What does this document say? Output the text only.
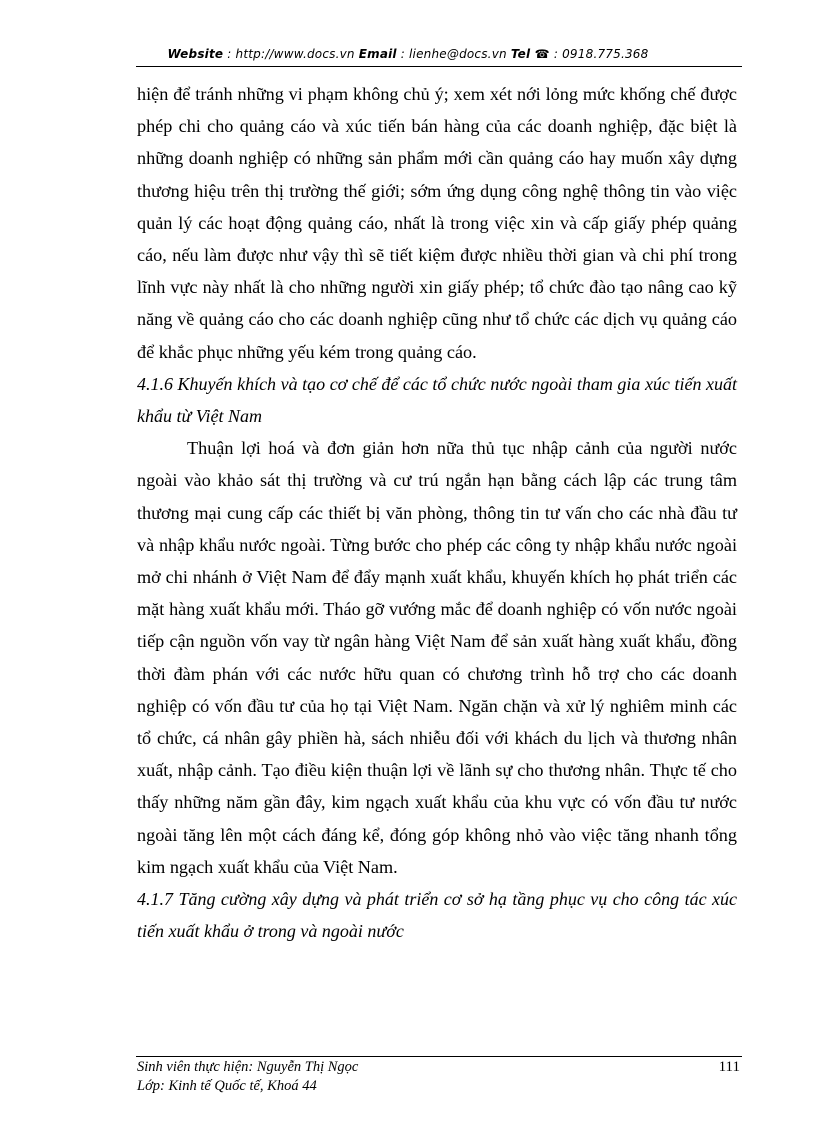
Website : http://www.docs.vn Email : lienhe@docs.vn Tel ☎ : 0918.775.368

hiện để tránh những vi phạm không chủ ý; xem xét nới lỏng mức khống chế được phép chi cho quảng cáo và xúc tiến bán hàng của các doanh nghiệp, đặc biệt là những doanh nghiệp có những sản phẩm mới cần quảng cáo hay muốn xây dựng thương hiệu trên thị trường thế giới; sớm ứng dụng công nghệ thông tin vào việc quản lý các hoạt động quảng cáo, nhất là trong việc xin và cấp giấy phép quảng cáo, nếu làm được như vậy thì sẽ tiết kiệm được nhiều thời gian và chi phí trong lĩnh vực này nhất là cho những người xin giấy phép; tổ chức đào tạo nâng cao kỹ năng về quảng cáo cho các doanh nghiệp cũng như tổ chức các dịch vụ quảng cáo để khắc phục những yếu kém trong quảng cáo.

4.1.6 Khuyến khích và tạo cơ chế để các tổ chức nước ngoài tham gia xúc tiến xuất khẩu từ Việt Nam

Thuận lợi hoá và đơn giản hơn nữa thủ tục nhập cảnh của người nước ngoài vào khảo sát thị trường và cư trú ngắn hạn bằng cách lập các trung tâm thương mại cung cấp các thiết bị văn phòng, thông tin tư vấn cho các nhà đầu tư và nhập khẩu nước ngoài. Từng bước cho phép các công ty nhập khẩu nước ngoài mở chi nhánh ở Việt Nam để đẩy mạnh xuất khẩu, khuyến khích họ phát triển các mặt hàng xuất khẩu mới. Tháo gỡ vướng mắc để doanh nghiệp có vốn nước ngoài tiếp cận nguồn vốn vay từ ngân hàng Việt Nam để sản xuất hàng xuất khẩu, đồng thời đàm phán với các nước hữu quan có chương trình hỗ trợ cho các doanh nghiệp có vốn đầu tư của họ tại Việt Nam. Ngăn chặn và xử lý nghiêm minh các tổ chức, cá nhân gây phiền hà, sách nhiễu đối với khách du lịch và thương nhân xuất, nhập cảnh. Tạo điều kiện thuận lợi về lãnh sự cho thương nhân. Thực tế cho thấy những năm gần đây, kim ngạch xuất khẩu của khu vực có vốn đầu tư nước ngoài tăng lên một cách đáng kể, đóng góp không nhỏ vào việc tăng nhanh tổng kim ngạch xuất khẩu của Việt Nam.

4.1.7 Tăng cường xây dựng và phát triển cơ sở hạ tầng phục vụ cho công tác xúc tiến xuất khẩu ở trong và ngoài nước
Sinh viên thực hiện: Nguyễn Thị Ngọc
Lớp: Kinh tế Quốc tế, Khoá 44
111
